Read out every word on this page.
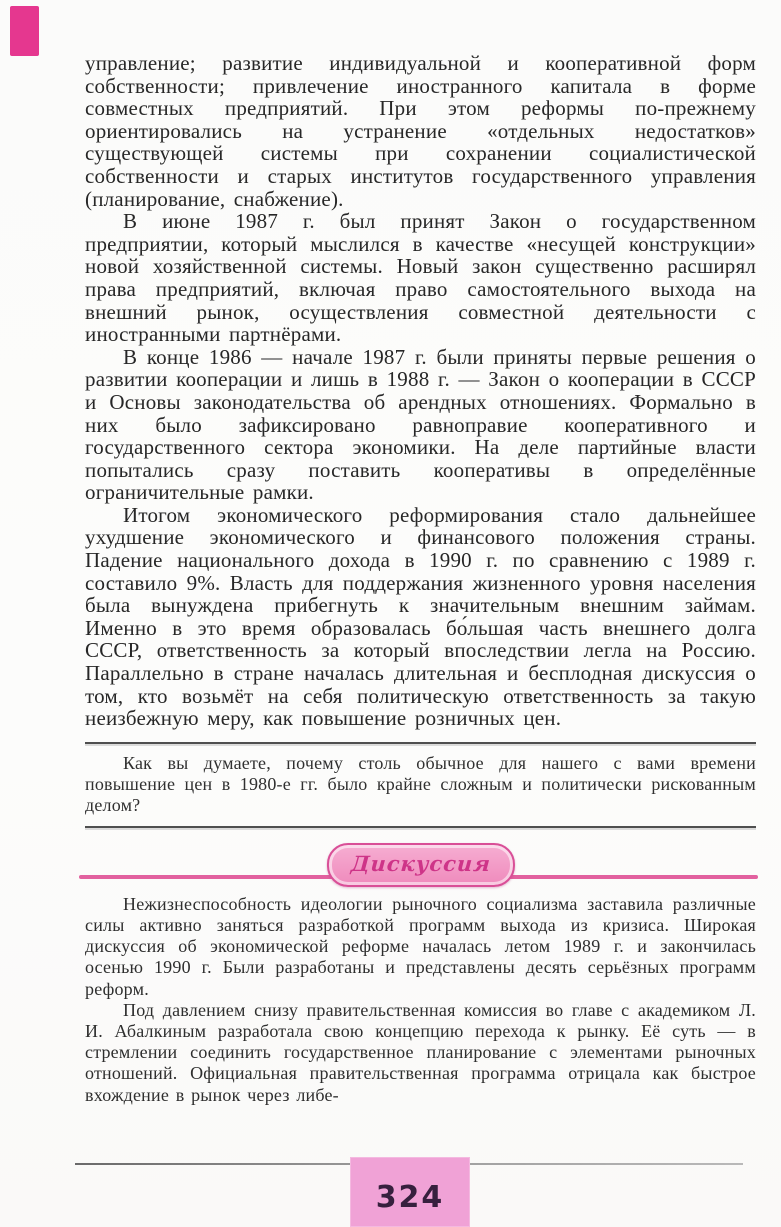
управление; развитие индивидуальной и кооперативной форм собственности; привлечение иностранного капитала в форме совместных предприятий. При этом реформы по-прежнему ориентировались на устранение «отдельных недостатков» существующей системы при сохранении социалистической собственности и старых институтов государственного управления (планирование, снабжение).

В июне 1987 г. был принят Закон о государственном предприятии, который мыслился в качестве «несущей конструкции» новой хозяйственной системы. Новый закон существенно расширял права предприятий, включая право самостоятельного выхода на внешний рынок, осуществления совместной деятельности с иностранными партнёрами.

В конце 1986 — начале 1987 г. были приняты первые решения о развитии кооперации и лишь в 1988 г. — Закон о кооперации в СССР и Основы законодательства об арендных отношениях. Формально в них было зафиксировано равноправие кооперативного и государственного сектора экономики. На деле партийные власти попытались сразу поставить кооперативы в определённые ограничительные рамки.

Итогом экономического реформирования стало дальнейшее ухудшение экономического и финансового положения страны. Падение национального дохода в 1990 г. по сравнению с 1989 г. составило 9%. Власть для поддержания жизненного уровня населения была вынуждена прибегнуть к значительным внешним займам. Именно в это время образовалась бо́льшая часть внешнего долга СССР, ответственность за который впоследствии легла на Россию. Параллельно в стране началась длительная и бесплодная дискуссия о том, кто возьмёт на себя политическую ответственность за такую неизбежную меру, как повышение розничных цен.

Как вы думаете, почему столь обычное для нашего с вами времени повышение цен в 1980-е гг. было крайне сложным и политически рискованным делом?

Дискуссия

Нежизнеспособность идеологии рыночного социализма заставила различные силы активно заняться разработкой программ выхода из кризиса. Широкая дискуссия об экономической реформе началась летом 1989 г. и закончилась осенью 1990 г. Были разработаны и представлены десять серьёзных программ реформ.

Под давлением снизу правительственная комиссия во главе с академиком Л. И. Абалкиным разработала свою концепцию перехода к рынку. Её суть — в стремлении соединить государственное планирование с элементами рыночных отношений. Официальная правительственная программа отрицала как быстрое вхождение в рынок через либе-

324
